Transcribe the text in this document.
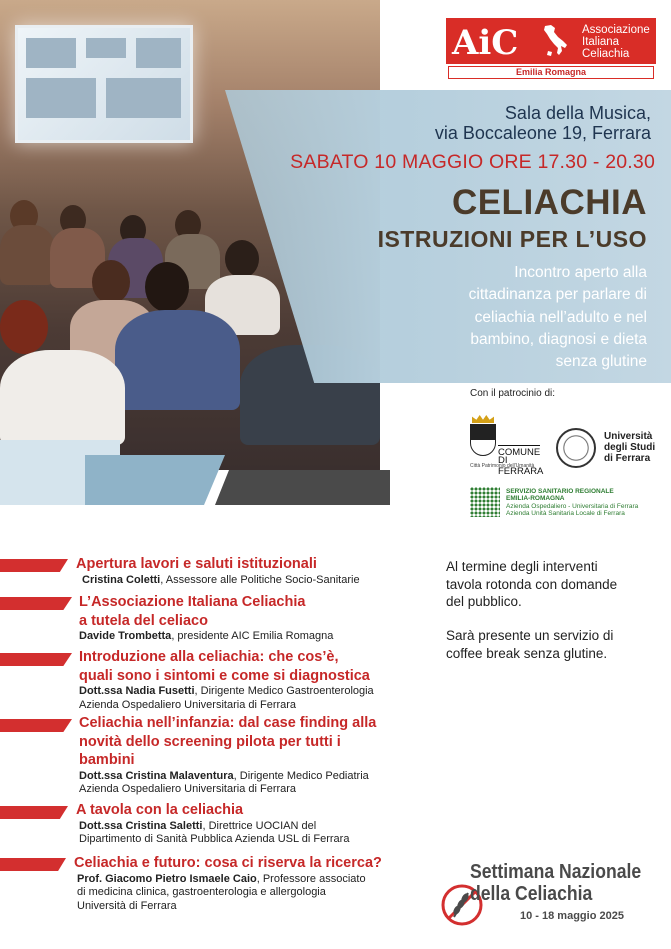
Sala della Musica,
via Boccaleone 19, Ferrara
SABATO 10 MAGGIO ORE 17.30 - 20.30
CELIACHIA
ISTRUZIONI PER L’USO
Incontro aperto alla
cittadinanza per parlare di
celiachia nell’adulto e nel
bambino, diagnosi e dieta
senza glutine
AiC	Associazione
Italiana
Celiachia
Emilia Romagna
Con il patrocinio di:
COMUNE
DI FERRARA
Città Patrimonio dell'Umanità
Università
degli Studi
di Ferrara
SERVIZIO SANITARIO REGIONALE
EMILIA-ROMAGNA
Azienda Ospedaliero - Universitaria di Ferrara
Azienda Unità Sanitaria Locale di Ferrara
Apertura lavori e saluti istituzionali
Cristina Coletti, Assessore alle Politiche Socio-Sanitarie
L’Associazione Italiana Celiachia
a tutela del celiaco
Davide Trombetta, presidente AIC Emilia Romagna
Introduzione alla celiachia: che cos’è,
quali sono i sintomi e come si diagnostica
Dott.ssa Nadia Fusetti, Dirigente Medico Gastroenterologia
Azienda Ospedaliero Universitaria di Ferrara
Celiachia nell’infanzia: dal case finding alla
novità dello screening pilota per tutti i
bambini
Dott.ssa Cristina Malaventura, Dirigente Medico Pediatria
Azienda Ospedaliero Universitaria di Ferrara
A tavola con la celiachia
Dott.ssa Cristina Saletti, Direttrice UOCIAN del
Dipartimento di Sanità Pubblica Azienda USL di Ferrara
Celiachia e futuro: cosa ci riserva la ricerca?
Prof. Giacomo Pietro Ismaele Caio, Professore associato
di medicina clinica, gastroenterologia e allergologia
Università di Ferrara
Al termine degli interventi
tavola rotonda con domande
del pubblico.
Sarà presente un servizio di
coffee break senza glutine.
Settimana Nazionale
della Celiachia
10 - 18 maggio 2025
